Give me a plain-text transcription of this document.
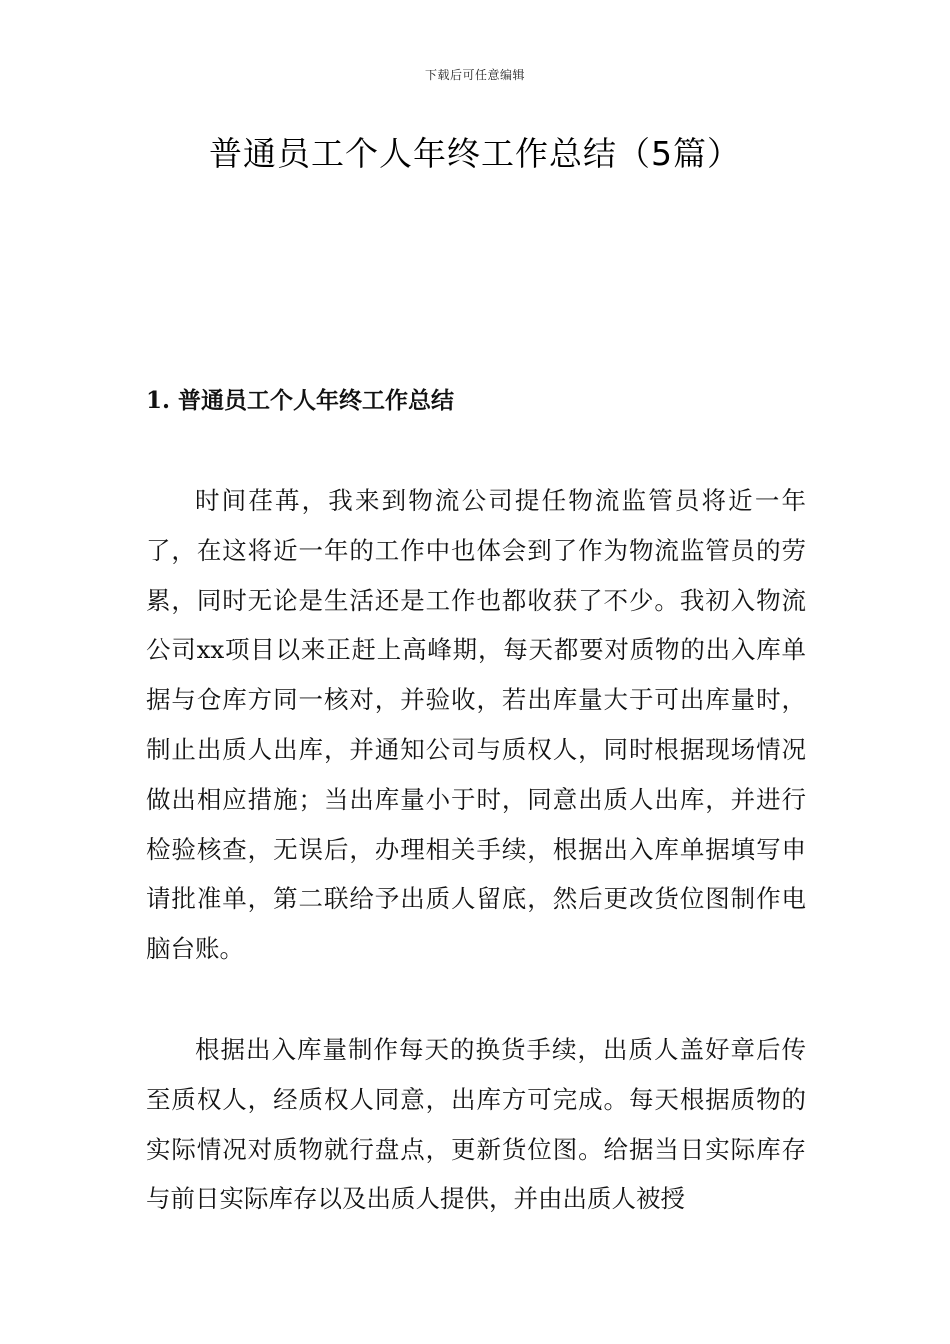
下载后可任意编辑
普通员工个人年终工作总结（5篇）
1. 普通员工个人年终工作总结

时间荏苒，我来到物流公司提任物流监管员将近一年了，在这将近一年的工作中也体会到了作为物流监管员的劳累，同时无论是生活还是工作也都收获了不少。我初入物流公司xx项目以来正赶上高峰期，每天都要对质物的出入库单据与仓库方同一核对，并验收，若出库量大于可出库量时，制止出质人出库，并通知公司与质权人，同时根据现场情况做出相应措施；当出库量小于时，同意出质人出库，并进行检验核查，无误后，办理相关手续，根据出入库单据填写申请批准单，第二联给予出质人留底，然后更改货位图制作电脑台账。

根据出入库量制作每天的换货手续，出质人盖好章后传至质权人，经质权人同意，出库方可完成。每天根据质物的实际情况对质物就行盘点，更新货位图。给据当日实际库存与前日实际库存以及出质人提供，并由出质人被授
